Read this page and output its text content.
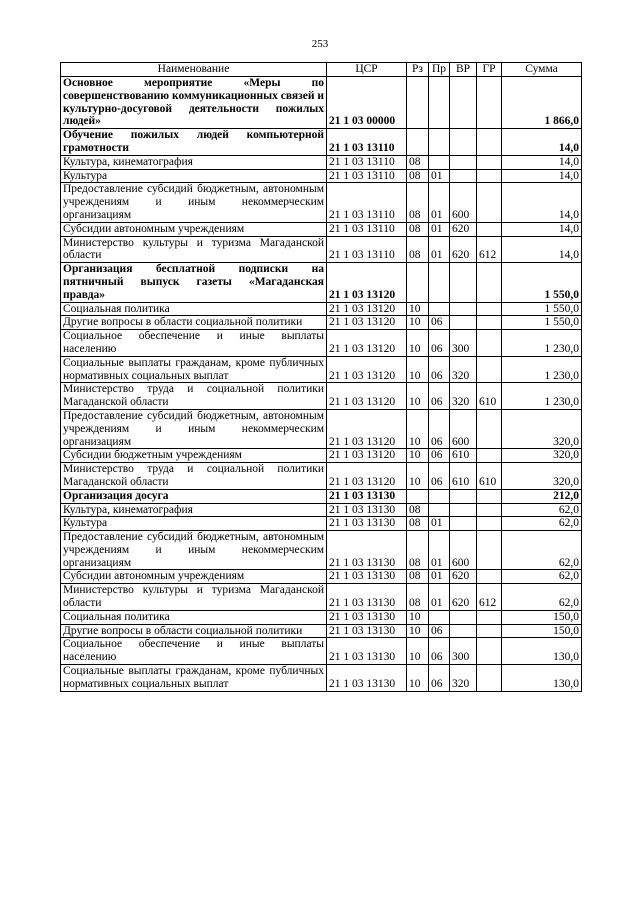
253
Наименование	ЦСР	Рз	Пр	ВР	ГР	Сумма
Основное мероприятие «Меры по совершенствованию коммуникационных связей и культурно-досуговой деятельности пожилых людей»	21 1 03 00000					1 866,0
Обучение пожилых людей компьютерной грамотности	21 1 03 13110					14,0
Культура, кинематография	21 1 03 13110	08				14,0
Культура	21 1 03 13110	08	01			14,0
Предоставление субсидий бюджетным, автономным учреждениям и иным некоммерческим организациям	21 1 03 13110	08	01	600		14,0
Субсидии автономным учреждениям	21 1 03 13110	08	01	620		14,0
Министерство культуры и туризма Магаданской области	21 1 03 13110	08	01	620	612	14,0
Организация бесплатной подписки на пятничный выпуск газеты «Магаданская правда»	21 1 03 13120					1 550,0
Социальная политика	21 1 03 13120	10				1 550,0
Другие вопросы в области социальной политики	21 1 03 13120	10	06			1 550,0
Социальное обеспечение и иные выплаты населению	21 1 03 13120	10	06	300		1 230,0
Социальные выплаты гражданам, кроме публичных нормативных социальных выплат	21 1 03 13120	10	06	320		1 230,0
Министерство труда и социальной политики Магаданской области	21 1 03 13120	10	06	320	610	1 230,0
Предоставление субсидий бюджетным, автономным учреждениям и иным некоммерческим организациям	21 1 03 13120	10	06	600		320,0
Субсидии бюджетным учреждениям	21 1 03 13120	10	06	610		320,0
Министерство труда и социальной политики Магаданской области	21 1 03 13120	10	06	610	610	320,0
Организация досуга	21 1 03 13130					212,0
Культура, кинематография	21 1 03 13130	08				62,0
Культура	21 1 03 13130	08	01			62,0
Предоставление субсидий бюджетным, автономным учреждениям и иным некоммерческим организациям	21 1 03 13130	08	01	600		62,0
Субсидии автономным учреждениям	21 1 03 13130	08	01	620		62,0
Министерство культуры и туризма Магаданской области	21 1 03 13130	08	01	620	612	62,0
Социальная политика	21 1 03 13130	10				150,0
Другие вопросы в области социальной политики	21 1 03 13130	10	06			150,0
Социальное обеспечение и иные выплаты населению	21 1 03 13130	10	06	300		130,0
Социальные выплаты гражданам, кроме публичных нормативных социальных выплат	21 1 03 13130	10	06	320		130,0
